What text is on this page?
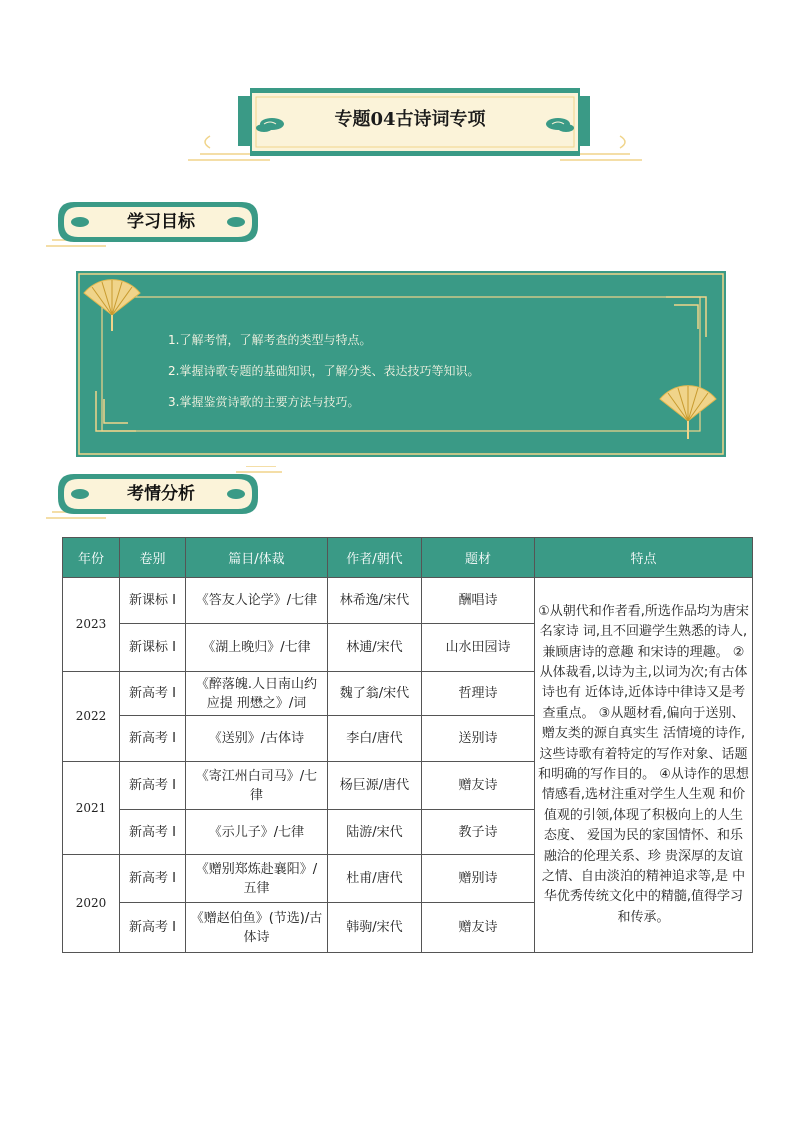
专题04古诗词专项
学习目标
1.了解考情，了解考查的类型与特点。
2.掌握诗歌专题的基础知识，了解分类、表达技巧等知识。
3.掌握鉴赏诗歌的主要方法与技巧。
考情分析
年份	卷别	篇目/体裁	作者/朝代	题材	特点
2023	新课标 I	《答友人论学》/七律	林希逸/宋代	酬唱诗	①从朝代和作者看,所选作品均为唐宋名家诗 词,且不回避学生熟悉的诗人,兼顾唐诗的意趣 和宋诗的理趣。 ②从体裁看,以诗为主,以词为次;有古体诗也有 近体诗,近体诗中律诗又是考查重点。 ③从题材看,偏向于送别、赠友类的源自真实生 活情境的诗作,这些诗歌有着特定的写作对象、话题和明确的写作目的。 ④从诗作的思想情感看,选材注重对学生人生观 和价值观的引领,体现了积极向上的人生态度、 爱国为民的家国情怀、和乐融洽的伦理关系、珍 贵深厚的友谊之情、自由淡泊的精神追求等,是 中华优秀传统文化中的精髓,值得学习和传承。
	新课标 I	《湖上晚归》/七律	林逋/宋代	山水田园诗	
2022	新高考 I	《醉落魄.人日南山约应提 刑懋之》/词	魏了翁/宋代	哲理诗	
	新高考 I	《送别》/古体诗	李白/唐代	送别诗	
2021	新高考 I	《寄江州白司马》/七律	杨巨源/唐代	赠友诗	
	新高考 I	《示儿子》/七律	陆游/宋代	教子诗	
2020	新高考 I	《赠别郑炼赴襄阳》/五律	杜甫/唐代	赠别诗	
	新高考 I	《赠赵伯鱼》(节选)/古体诗	韩驹/宋代	赠友诗	
